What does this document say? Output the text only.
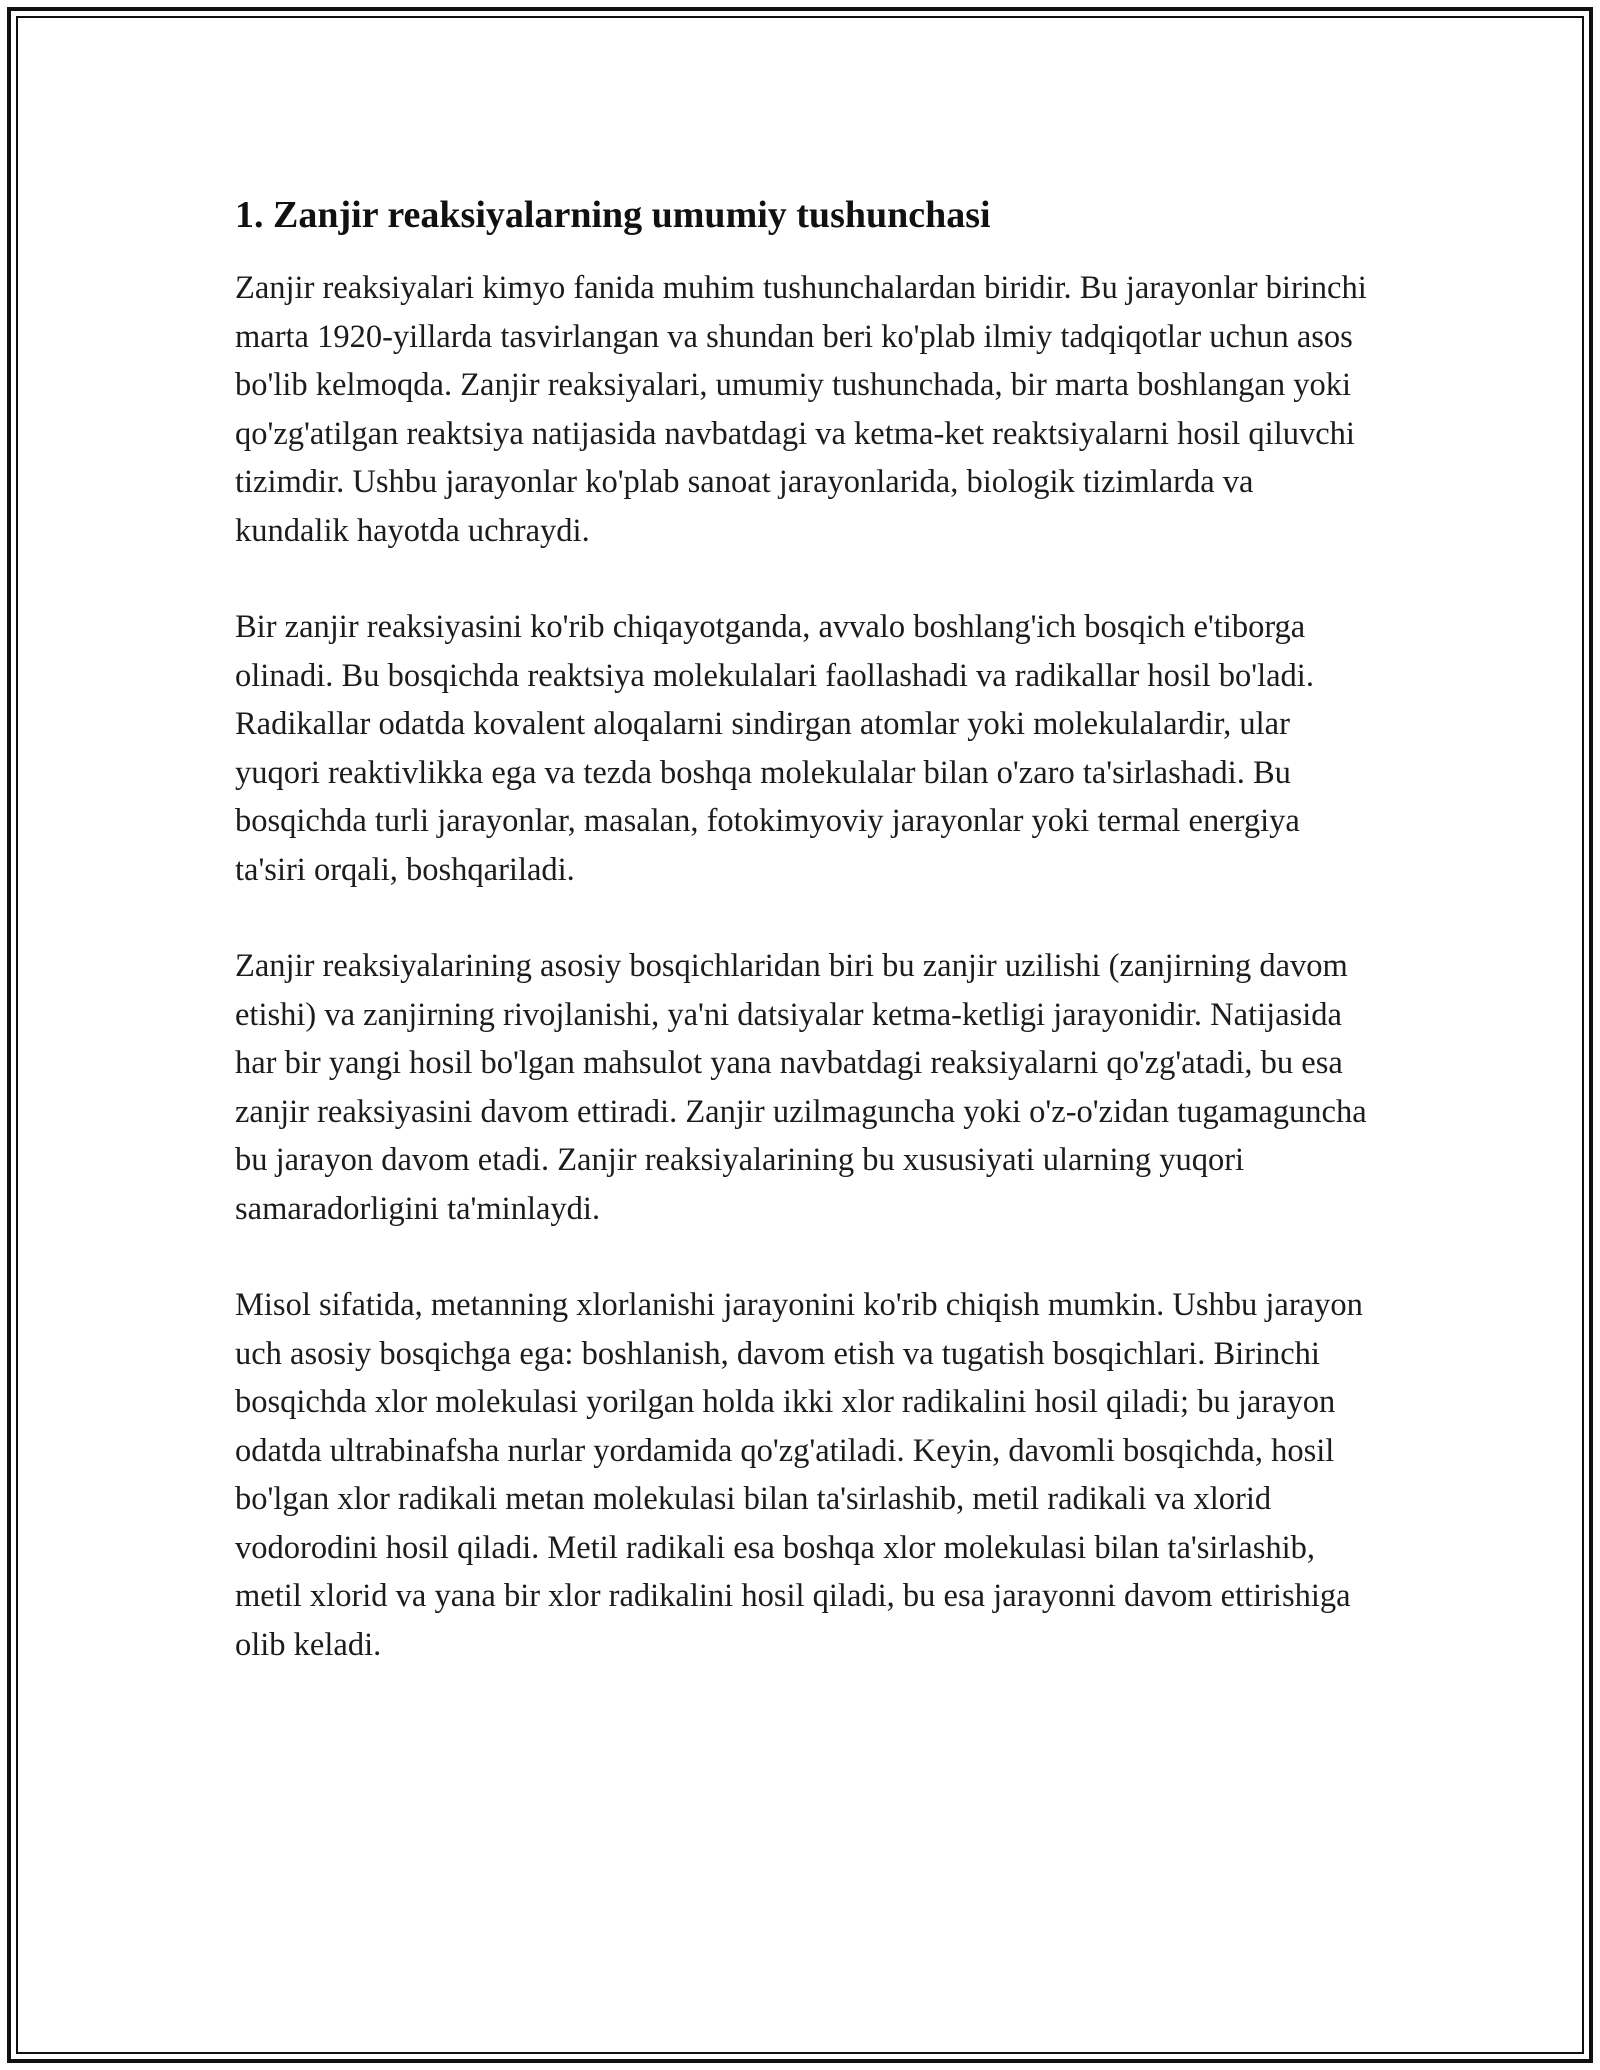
1. Zanjir reaksiyalarning umumiy tushunchasi

Zanjir reaksiyalari kimyo fanida muhim tushunchalardan biridir. Bu jarayonlar birinchi marta 1920-yillarda tasvirlangan va shundan beri ko'plab ilmiy tadqiqotlar uchun asos bo'lib kelmoqda. Zanjir reaksiyalari, umumiy tushunchada, bir marta boshlangan yoki qo'zg'atilgan reaktsiya natijasida navbatdagi va ketma-ket reaktsiyalarni hosil qiluvchi tizimdir. Ushbu jarayonlar ko'plab sanoat jarayonlarida, biologik tizimlarda va kundalik hayotda uchraydi.

Bir zanjir reaksiyasini ko'rib chiqayotganda, avvalo boshlang'ich bosqich e'tiborga olinadi. Bu bosqichda reaktsiya molekulalari faollashadi va radikallar hosil bo'ladi. Radikallar odatda kovalent aloqalarni sindirgan atomlar yoki molekulalardir, ular yuqori reaktivlikka ega va tezda boshqa molekulalar bilan o'zaro ta'sirlashadi. Bu bosqichda turli jarayonlar, masalan, fotokimyoviy jarayonlar yoki termal energiya ta'siri orqali, boshqariladi.

Zanjir reaksiyalarining asosiy bosqichlaridan biri bu zanjir uzilishi (zanjirning davom etishi) va zanjirning rivojlanishi, ya'ni datsiyalar ketma-ketligi jarayonidir. Natijasida har bir yangi hosil bo'lgan mahsulot yana navbatdagi reaksiyalarni qo'zg'atadi, bu esa zanjir reaksiyasini davom ettiradi. Zanjir uzilmaguncha yoki o'z-o'zidan tugamaguncha bu jarayon davom etadi. Zanjir reaksiyalarining bu xususiyati ularning yuqori samaradorligini ta'minlaydi.

Misol sifatida, metanning xlorlanishi jarayonini ko'rib chiqish mumkin. Ushbu jarayon uch asosiy bosqichga ega: boshlanish, davom etish va tugatish bosqichlari. Birinchi bosqichda xlor molekulasi yorilgan holda ikki xlor radikalini hosil qiladi; bu jarayon odatda ultrabinafsha nurlar yordamida qo'zg'atiladi. Keyin, davomli bosqichda, hosil bo'lgan xlor radikali metan molekulasi bilan ta'sirlashib, metil radikali va xlorid vodorodini hosil qiladi. Metil radikali esa boshqa xlor molekulasi bilan ta'sirlashib, metil xlorid va yana bir xlor radikalini hosil qiladi, bu esa jarayonni davom ettirishiga olib keladi.
